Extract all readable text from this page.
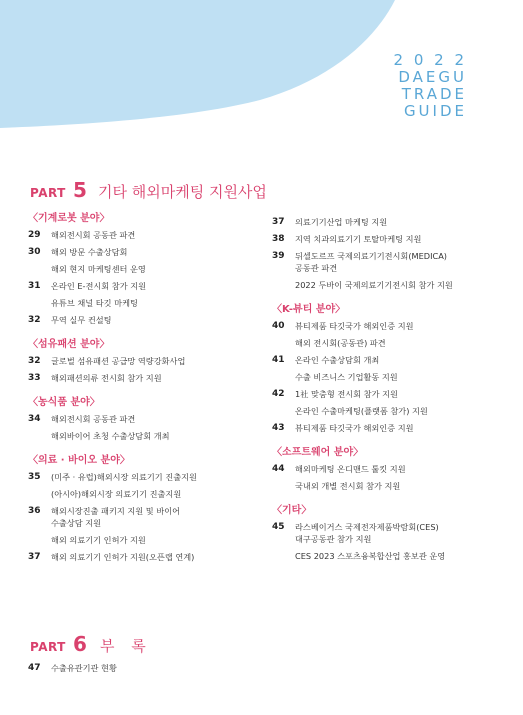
2 0 2 2
DAEGU
TRADE
GUIDE
PART 5 기타 해외마케팅 지원사업
〈기계로봇 분야〉
29	해외전시회 공동관 파견
30	해외 방문 수출상담회
해외 현지 마케팅센터 운영
31	온라인 E-전시회 참가 지원
유튜브 채널 타깃 마케팅
32	무역 실무 컨설팅
〈섬유패션 분야〉
32	글로벌 섬유패션 공급망 역량강화사업
33	해외패션의류 전시회 참가 지원
〈농식품 분야〉
34	해외전시회 공동관 파견
해외바이어 초청 수출상담회 개최
〈의료 · 바이오 분야〉
35	(미주 · 유럽)해외시장 의료기기 진출지원
(아시아)해외시장 의료기기 진출지원
36	해외시장진출 패키지 지원 및 바이어
수출상담 지원
해외 의료기기 인허가 지원
37	해외 의료기기 인허가 지원(오픈랩 연계)
37	의료기기산업 마케팅 지원
38	지역 치과의료기기 토탈마케팅 지원
39	뒤셀도르프 국제의료기기전시회(MEDICA)
공동관 파견
2022 두바이 국제의료기기전시회 참가 지원
〈K-뷰티 분야〉
40	뷰티제품 타깃국가 해외인증 지원
해외 전시회(공동관) 파견
41	온라인 수출상담회 개최
수출 비즈니스 기업활동 지원
42	1社 맞춤형 전시회 참가 지원
온라인 수출마케팅(플랫폼 참가) 지원
43	뷰티제품 타깃국가 해외인증 지원
〈소프트웨어 분야〉
44	해외마케팅 온디맨드 툴킷 지원
국내외 개별 전시회 참가 지원
〈기타〉
45	라스베이거스 국제전자제품박람회(CES)
대구공동관 참가 지원
CES 2023 스포츠융복합산업 홍보관 운영
PART 6 부 록
47	수출유관기관 현황
